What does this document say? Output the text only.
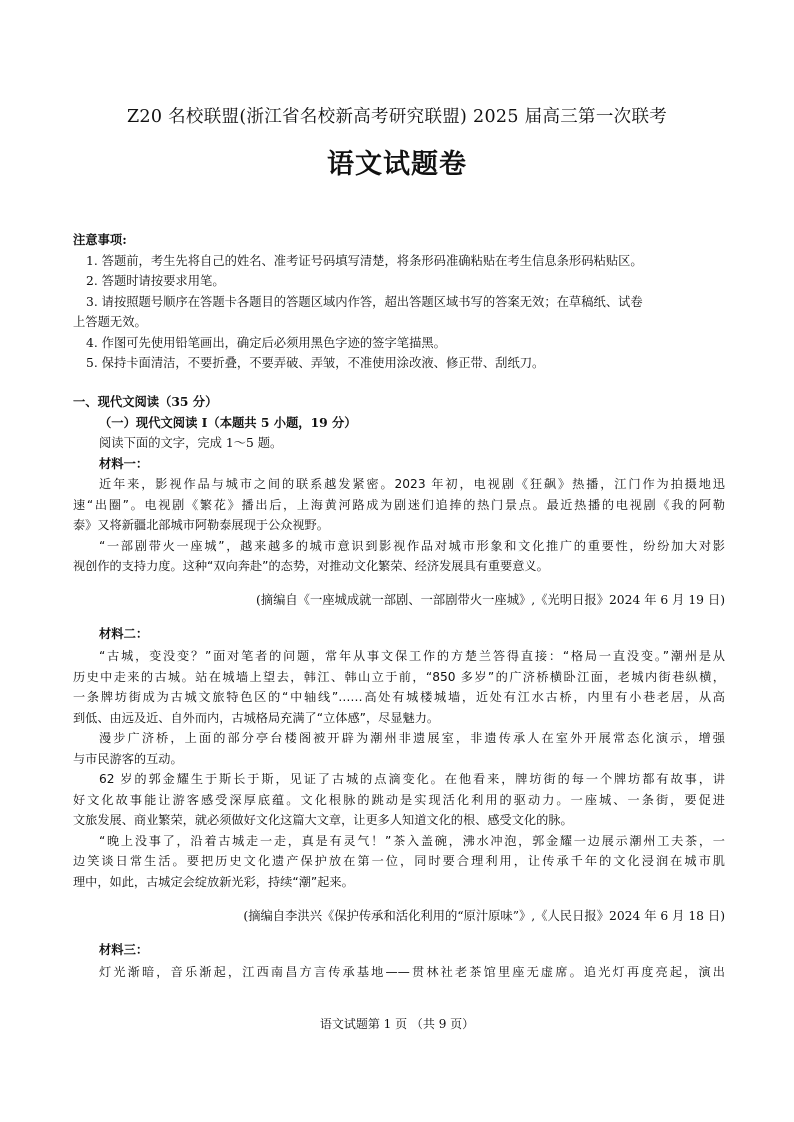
Z20 名校联盟(浙江省名校新高考研究联盟) 2025 届高三第一次联考
语文试题卷
注意事项:
1. 答题前，考生先将自己的姓名、准考证号码填写清楚，将条形码准确粘贴在考生信息条形码粘贴区。
2. 答题时请按要求用笔。
3. 请按照题号顺序在答题卡各题目的答题区域内作答，超出答题区域书写的答案无效；在草稿纸、试卷
上答题无效。
4. 作图可先使用铅笔画出，确定后必须用黑色字迹的签字笔描黑。
5. 保持卡面清洁，不要折叠，不要弄破、弄皱，不准使用涂改液、修正带、刮纸刀。
一、现代文阅读（35 分）
（一）现代文阅读 I（本题共 5 小题，19 分）
阅读下面的文字，完成 1～5 题。
材料一：
近年来，影视作品与城市之间的联系越发紧密。2023 年初，电视剧《狂飙》热播，江门作为拍摄地迅
速“出圈”。电视剧《繁花》播出后，上海黄河路成为剧迷们追捧的热门景点。最近热播的电视剧《我的阿勒
泰》又将新疆北部城市阿勒泰展现于公众视野。
“一部剧带火一座城”，越来越多的城市意识到影视作品对城市形象和文化推广的重要性，纷纷加大对影
视创作的支持力度。这种“双向奔赴”的态势，对推动文化繁荣、经济发展具有重要意义。
(摘编自《一座城成就一部剧、一部剧带火一座城》,《光明日报》2024 年 6 月 19 日)
材料二：
“古城，变没变？”面对笔者的问题，常年从事文保工作的方楚兰答得直接：“格局一直没变。”潮州是从
历史中走来的古城。站在城墙上望去，韩江、韩山立于前，“850 多岁”的广济桥横卧江面，老城内街巷纵横，
一条牌坊街成为古城文旅特色区的“中轴线”……高处有城楼城墙，近处有江水古桥，内里有小巷老居，从高
到低、由远及近、自外而内，古城格局充满了“立体感”，尽显魅力。
漫步广济桥，上面的部分亭台楼阁被开辟为潮州非遗展室，非遗传承人在室外开展常态化演示，增强
与市民游客的互动。
62 岁的郭金耀生于斯长于斯，见证了古城的点滴变化。在他看来，牌坊街的每一个牌坊都有故事，讲
好文化故事能让游客感受深厚底蕴。文化根脉的跳动是实现活化利用的驱动力。一座城、一条街，要促进
文旅发展、商业繁荣，就必须做好文化这篇大文章，让更多人知道文化的根、感受文化的脉。
“晚上没事了，沿着古城走一走，真是有灵气！”茶入盖碗，沸水冲泡，郭金耀一边展示潮州工夫茶，一
边笑谈日常生活。要把历史文化遗产保护放在第一位，同时要合理利用，让传承千年的文化浸润在城市肌
理中，如此，古城定会绽放新光彩，持续“潮”起来。
(摘编自李洪兴《保护传承和活化利用的“原汁原味”》,《人民日报》2024 年 6 月 18 日)
材料三：
灯光渐暗，音乐渐起，江西南昌方言传承基地——贯林社老茶馆里座无虚席。追光灯再度亮起，演出
语文试题第 1 页 （共 9 页）
